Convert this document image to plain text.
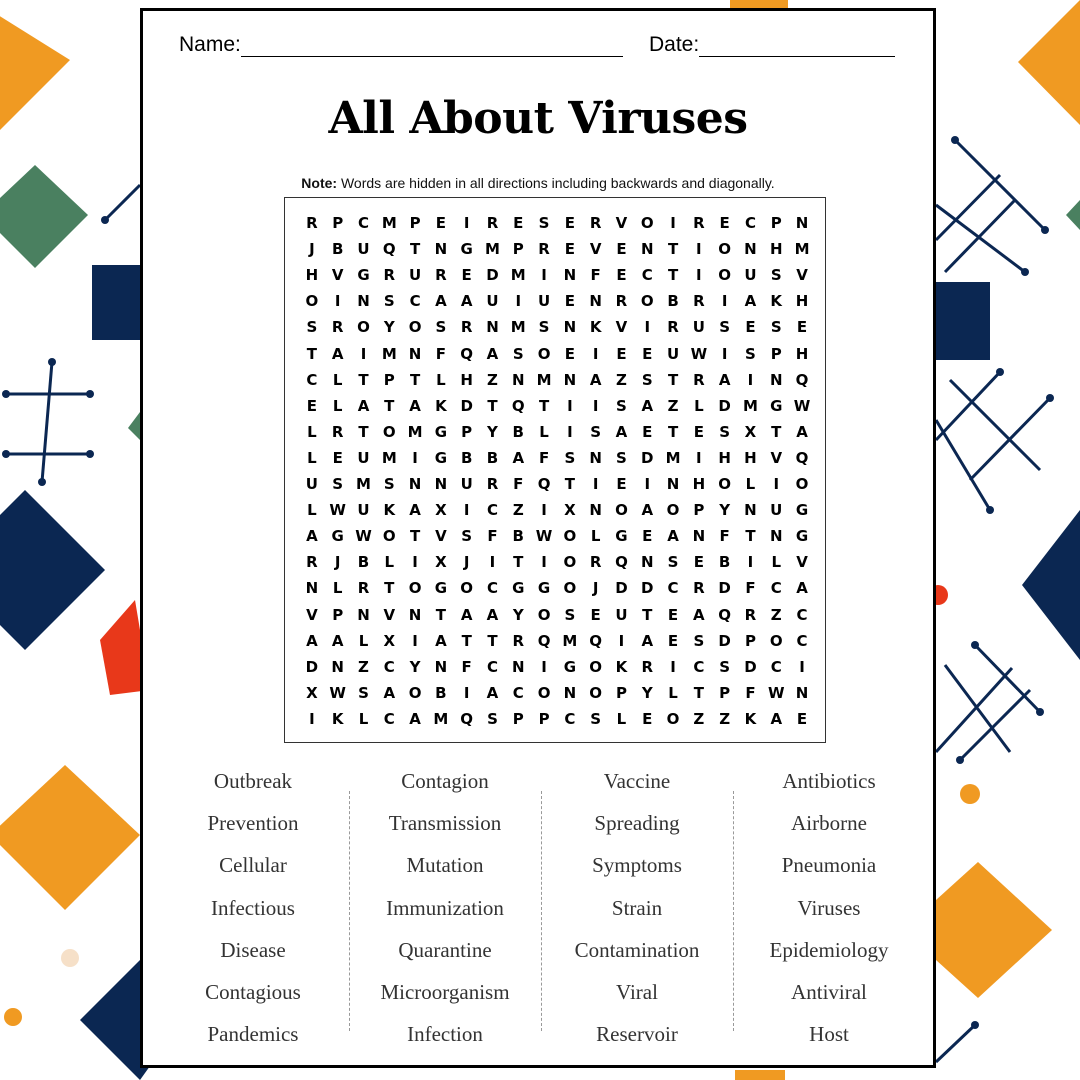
Name:	Date:
All About Viruses
Note: Words are hidden in all directions including backwards and diagonally.
R P C M P	E	I	R E	S	E R V O	I	R E	C P N
J	B U Q T N G M P R E V E N T	I	O N H M
H V G R U R E D M	I	N F	E	C	T	I	O U S V
O	I	N S C A A U	I	U E N R O B R	I	A K H
S R O Y O S R N M S N K V	I	R U S	E	S	E
T A	I	M N F Q A S O E	I	E	E U W I	S P H
C	L	T	P	T	L H Z N M N A Z S	T R A	I	N Q
E	L	A T A K D T Q T	I	I	S A Z	L D M G W
L	R T O M G P Y B	L	I	S A E	T	E	S X T A
L	E U M	I	G B B A F	S N S D M	I	H H V Q
U S M S N N U R F Q T	I	E	I	N H O L	I	O
L W U K A X	I	C Z	I	X N O A O P Y N U G
A G W O T V S	F B W O L G E A N F	T N G
R	J	B	L	I	X	J	I	T	I	O R Q N S	E B	I	L	V
N L	R T O G O C G G O	J	D D C R D F	C A
V P N V N T A A Y O S	E U T	E A Q R Z C
A A	L	X	I	A T	T R Q M Q	I	A E	S D P O C
D N Z C Y N F	C N	I	G O K R	I	C S D C	I
X W S A O B	I	A C O N O P Y	L	T	P	F W N
I	K	L	C A M Q S P P C S	L	E O Z Z K A E
Outbreak
Prevention
Cellular
Infectious
Disease
Contagious
Pandemics
Contagion
Transmission
Mutation
Immunization
Quarantine
Microorganism
Infection
Vaccine
Spreading
Symptoms
Strain
Contamination
Viral
Reservoir
Antibiotics
Airborne
Pneumonia
Viruses
Epidemiology
Antiviral
Host
